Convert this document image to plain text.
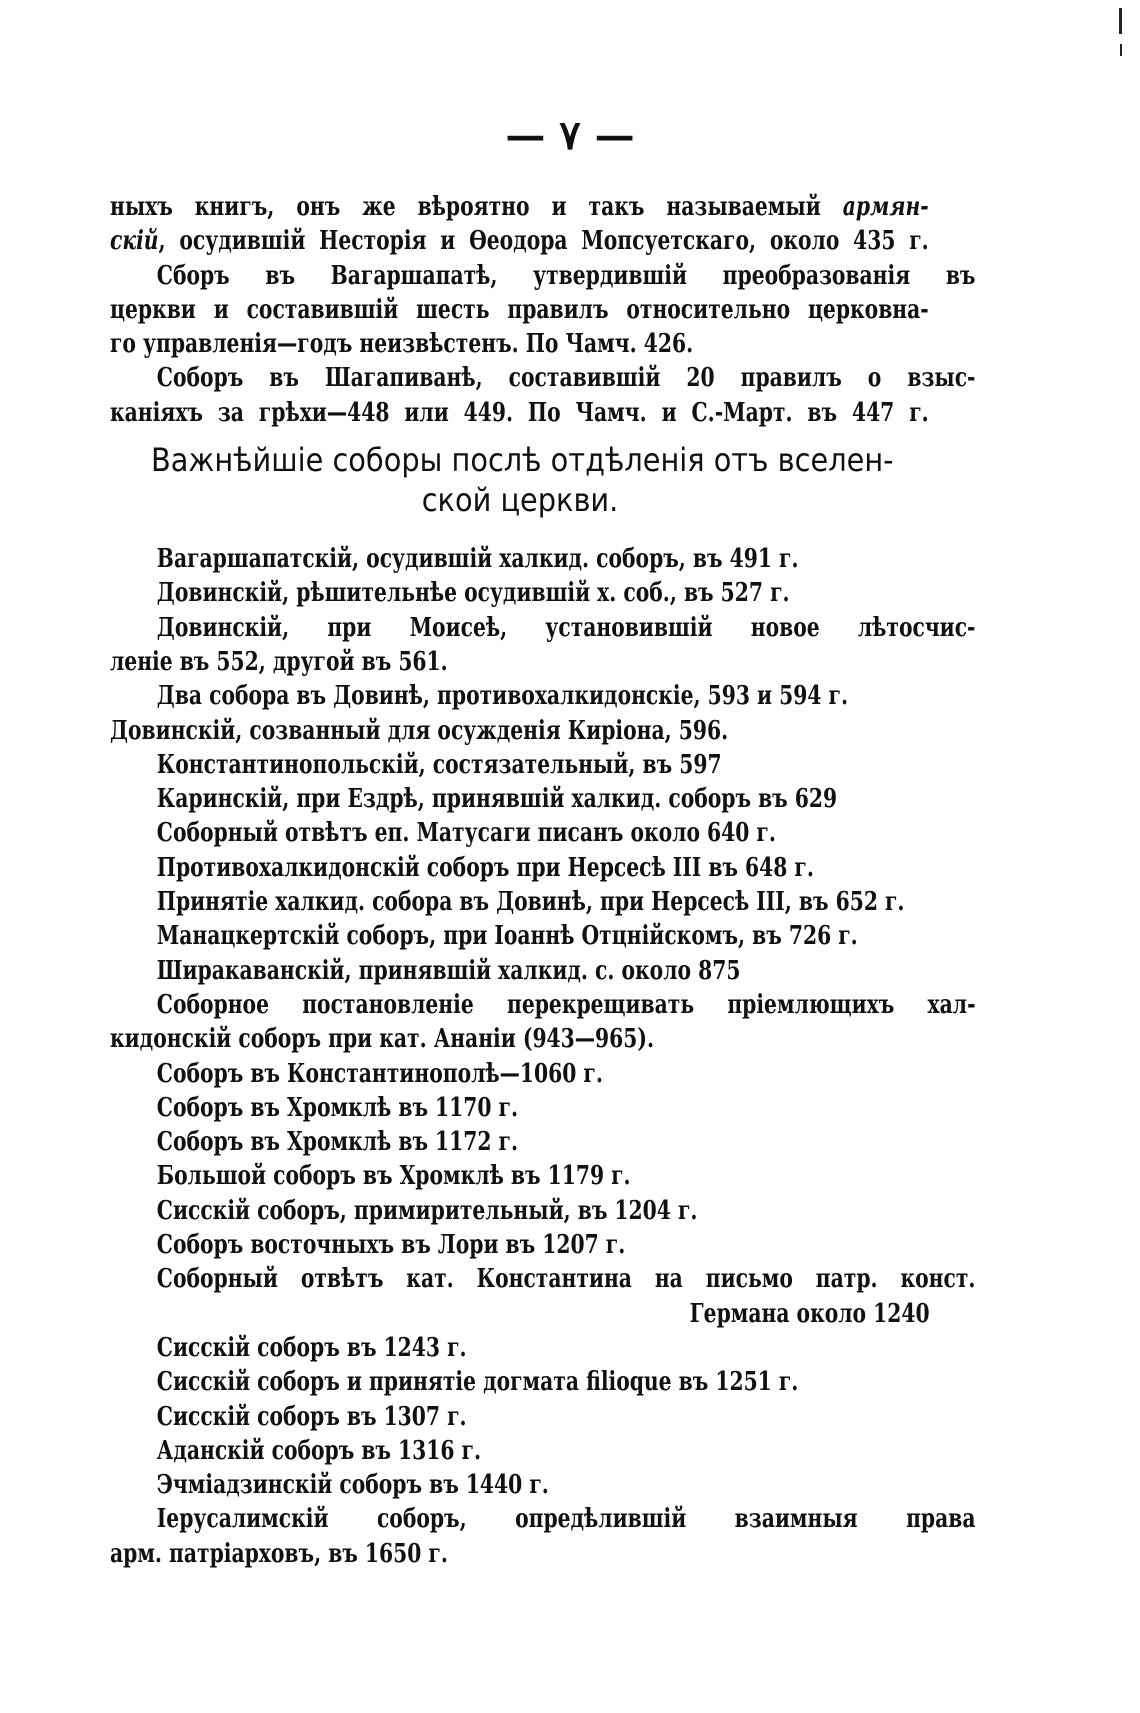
— ۷ —
ныхъ книгъ, онъ же вѣроятно и такъ называемый армян-
скій, осудившій Несторія и Ѳеодора Мопсуетскаго, около 435 г.
Сборъ въ Вагаршапатѣ, утвердившій преобразованія въ
церкви и составившій шесть правилъ относительно церковна-
го управленія—годъ неизвѣстенъ. По Чамч. 426.
Соборъ въ Шагапиванѣ, составившій 20 правилъ о взыс-
каніяхъ за грѣхи—448 или 449. По Чамч. и С.-Март. въ 447 г.
Важнѣйшіе соборы послѣ отдѣленія отъ вселен-
ской церкви.
Вагаршапатскій, осудившій халкид. соборъ, въ 491 г.
Довинскій, рѣшительнѣе осудившій х. соб., въ 527 г.
Довинскій, при Моисеѣ, установившій новое лѣтосчис-
леніе въ 552, другой въ 561.
Два собора въ Довинѣ, противохалкидонскіе, 593 и 594 г.
Довинскій, созванный для осужденія Киріона, 596.
Константинопольскій, состязательный, въ 597
Каринскій, при Ездрѣ, принявшій халкид. соборъ въ 629
Соборный отвѣтъ еп. Матусаги писанъ около 640 г.
Противохалкидонскій соборъ при Нерсесѣ III въ 648 г.
Принятіе халкид. собора въ Довинѣ, при Нерсесѣ III, въ 652 г.
Манацкертскій соборъ, при Іоаннѣ Отцнійскомъ, въ 726 г.
Ширакаванскій, принявшій халкид. с. около 875
Соборное постановленіе перекрещивать пріемлющихъ хал-
кидонскій соборъ при кат. Ананіи (943—965).
Соборъ въ Константинополѣ—1060 г.
Соборъ въ Хромклѣ въ 1170 г.
Соборъ въ Хромклѣ въ 1172 г.
Большой соборъ въ Хромклѣ въ 1179 г.
Сисскій соборъ, примирительный, въ 1204 г.
Соборъ восточныхъ въ Лори въ 1207 г.
Соборный отвѣтъ кат. Константина на письмо патр. конст.
Германа около 1240
Сисскій соборъ въ 1243 г.
Сисскій соборъ и принятіе догмата filioque въ 1251 г.
Сисскій соборъ въ 1307 г.
Аданскій соборъ въ 1316 г.
Эчміадзинскій соборъ въ 1440 г.
Іерусалимскій соборъ, опредѣлившій взаимныя права
арм. патріарховъ, въ 1650 г.
